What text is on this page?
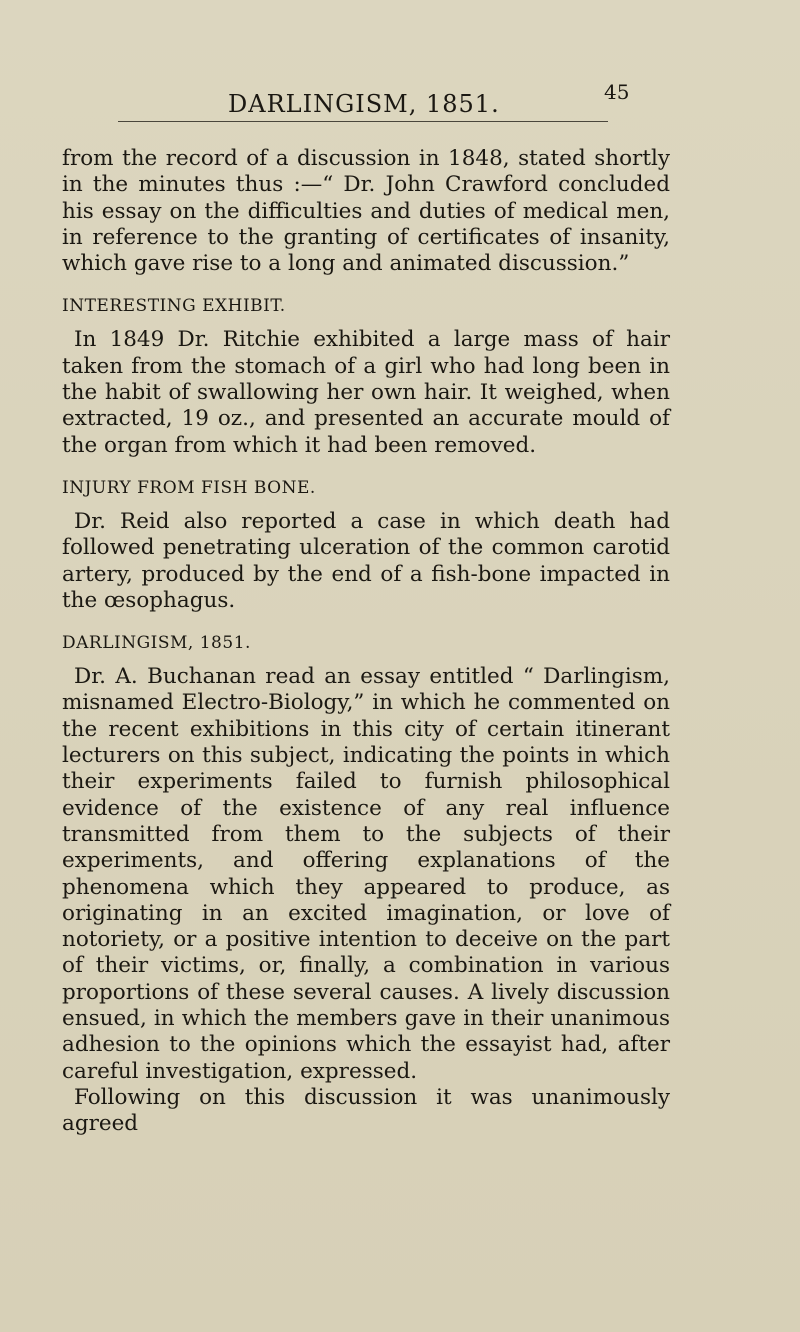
DARLINGISM, 1851.	45

from the record of a discussion in 1848, stated shortly in the minutes thus :—“ Dr. John Crawford concluded his essay on the difficulties and duties of medical men, in reference to the granting of certificates of insanity, which gave rise to a long and animated discussion.”

INTERESTING EXHIBIT.

In 1849 Dr. Ritchie exhibited a large mass of hair taken from the stomach of a girl who had long been in the habit of swallowing her own hair. It weighed, when extracted, 19 oz., and presented an accurate mould of the organ from which it had been removed.

INJURY FROM FISH BONE.

Dr. Reid also reported a case in which death had followed penetrating ulceration of the common carotid artery, produced by the end of a fish-bone impacted in the œsophagus.

DARLINGISM, 1851.

Dr. A. Buchanan read an essay entitled “ Darlingism, misnamed Electro-Biology,” in which he commented on the recent exhibitions in this city of certain itinerant lecturers on this subject, indicating the points in which their experiments failed to furnish philosophical evidence of the existence of any real influence transmitted from them to the subjects of their experiments, and offering explanations of the phenomena which they appeared to produce, as originating in an excited imagination, or love of notoriety, or a positive intention to deceive on the part of their victims, or, finally, a combination in various proportions of these several causes. A lively discussion ensued, in which the members gave in their unanimous adhesion to the opinions which the essayist had, after careful investigation, expressed.

Following on this discussion it was unanimously agreed
